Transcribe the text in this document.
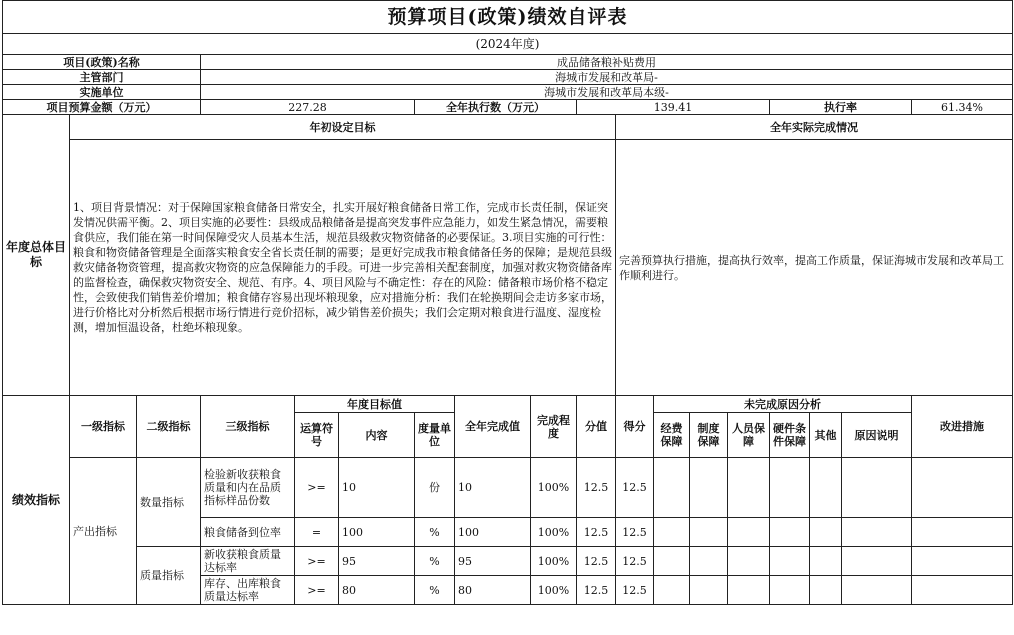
预算项目(政策)绩效自评表																	
(2024年度)																	
项目(政策)名称			成品储备粮补贴费用														
主管部门			海城市发展和改革局-														
实施单位			海城市发展和改革局本级-														
项目预算金额（万元）			227.28			全年执行数（万元）			139.41					执行率			61.34%
年度总体目标	年初设定目标									全年实际完成情况							
	1、项目背景情况：对于保障国家粮食储备日常安全，扎实开展好粮食储备日常工作，完成市长责任制，保证突发情况供需平衡。2、项目实施的必要性：县级成品粮储备是提高突发事件应急能力，如发生紧急情况，需要粮食供应，我们能在第一时间保障受灾人员基本生活，规范县级救灾物资储备的必要保证。3.项目实施的可行性：粮食和物资储备管理是全面落实粮食安全省长责任制的需要；是更好完成我市粮食储备任务的保障；是规范县级救灾储备物资管理，提高救灾物资的应急保障能力的手段。可进一步完善相关配套制度，加强对救灾物资储备库的监督检查，确保救灾物资安全、规范、有序。4、项目风险与不确定性：存在的风险：储备粮市场价格不稳定性，会致使我们销售差价增加；粮食储存容易出现坏粮现象，应对措施分析：我们在轮换期间会走访多家市场，进行价格比对分析然后根据市场行情进行竞价招标，减少销售差价损失；我们会定期对粮食进行温度、湿度检测，增加恒温设备，杜绝坏粮现象。									完善预算执行措施，提高执行效率，提高工作质量，保证海城市发展和改革局工作顺利进行。							
绩效指标	一级指标	二级指标	三级指标	年度目标值			全年完成值	完成程度	分值	得分	未完成原因分析						改进措施
				运算符号	内容	度量单位					经费保障	制度保障	人员保障	硬件条件保障	其他	原因说明	
	产出指标	数量指标	检验新收获粮食质量和内在品质指标样品份数	>=	10	份	10	100%	12.5	12.5							
			粮食储备到位率	=	100	%	100	100%	12.5	12.5							
		质量指标	新收获粮食质量达标率	>=	95	%	95	100%	12.5	12.5							
			库存、出库粮食质量达标率	>=	80	%	80	100%	12.5	12.5							
